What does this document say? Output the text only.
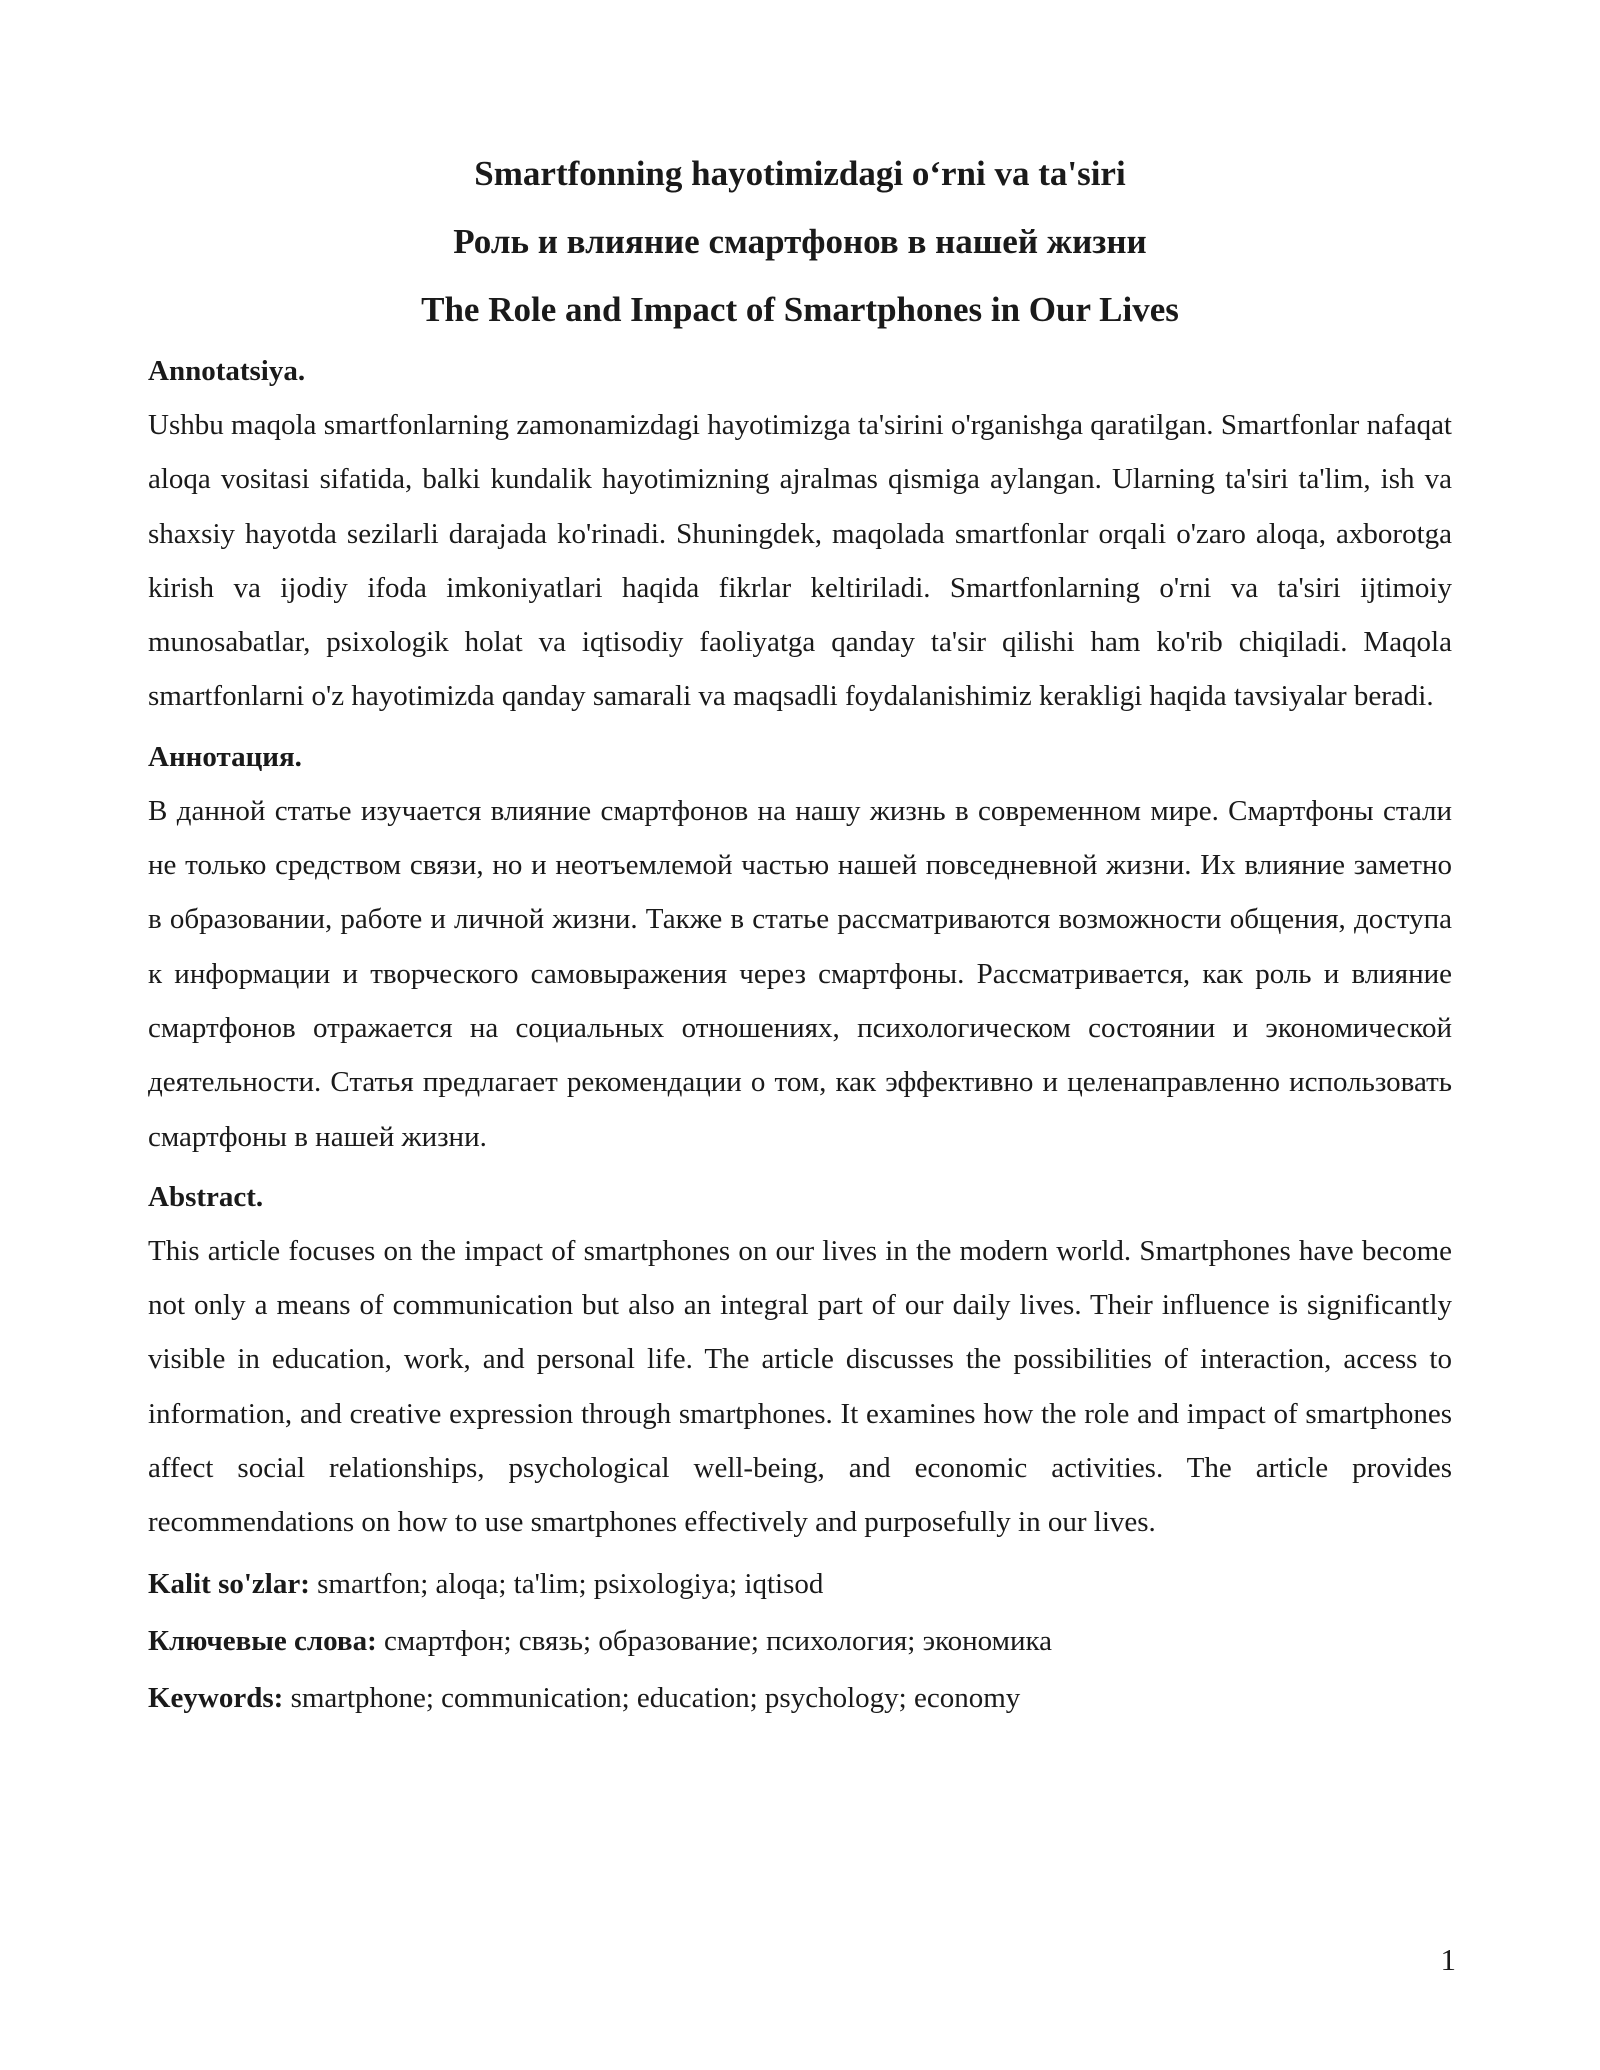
Smartfonning hayotimizdagi o‘rni va ta'siri
Роль и влияние смартфонов в нашей жизни
The Role and Impact of Smartphones in Our Lives

Annotatsiya.

Ushbu maqola smartfonlarning zamonamizdagi hayotimizga ta'sirini o'rganishga qaratilgan. Smartfonlar nafaqat aloqa vositasi sifatida, balki kundalik hayotimizning ajralmas qismiga aylangan. Ularning ta'siri ta'lim, ish va shaxsiy hayotda sezilarli darajada ko'rinadi. Shuningdek, maqolada smartfonlar orqali o'zaro aloqa, axborotga kirish va ijodiy ifoda imkoniyatlari haqida fikrlar keltiriladi. Smartfonlarning o'rni va ta'siri ijtimoiy munosabatlar, psixologik holat va iqtisodiy faoliyatga qanday ta'sir qilishi ham ko'rib chiqiladi. Maqola smartfonlarni o'z hayotimizda qanday samarali va maqsadli foydalanishimiz kerakligi haqida tavsiyalar beradi.

Аннотация.

В данной статье изучается влияние смартфонов на нашу жизнь в современном мире. Смартфоны стали не только средством связи, но и неотъемлемой частью нашей повседневной жизни. Их влияние заметно в образовании, работе и личной жизни. Также в статье рассматриваются возможности общения, доступа к информации и творческого самовыражения через смартфоны. Рассматривается, как роль и влияние смартфонов отражается на социальных отношениях, психологическом состоянии и экономической деятельности. Статья предлагает рекомендации о том, как эффективно и целенаправленно использовать смартфоны в нашей жизни.

Abstract.

This article focuses on the impact of smartphones on our lives in the modern world. Smartphones have become not only a means of communication but also an integral part of our daily lives. Their influence is significantly visible in education, work, and personal life. The article discusses the possibilities of interaction, access to information, and creative expression through smartphones. It examines how the role and impact of smartphones affect social relationships, psychological well-being, and economic activities. The article provides recommendations on how to use smartphones effectively and purposefully in our lives.

Kalit so'zlar: smartfon; aloqa; ta'lim; psixologiya; iqtisod

Ключевые слова: смартфон; связь; образование; психология; экономика

Keywords: smartphone; communication; education; psychology; economy

1
